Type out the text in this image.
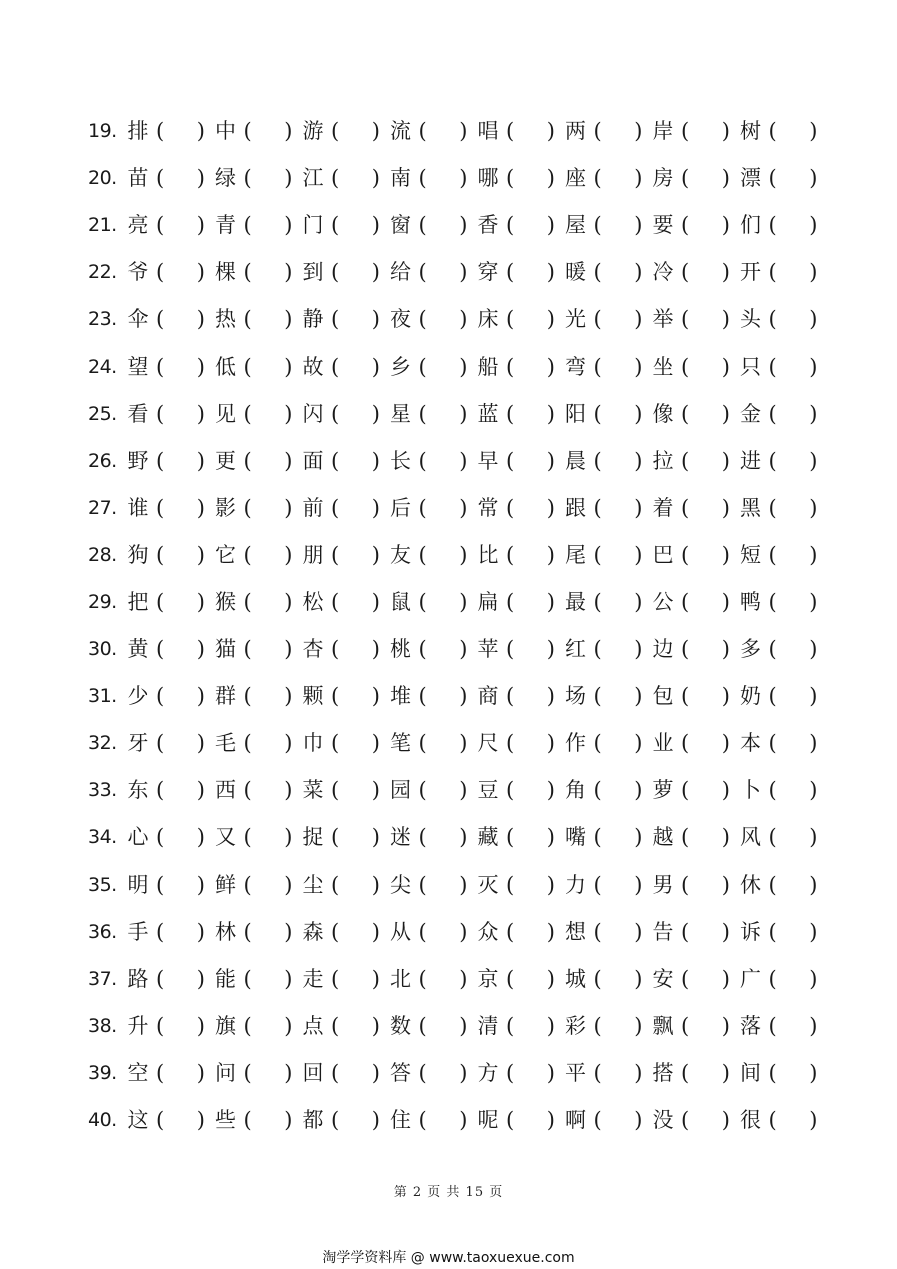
19. 排 ( ) 中 ( ) 游 ( ) 流 ( ) 唱 ( ) 两 ( ) 岸 ( ) 树 ( )
20. 苗 ( ) 绿 ( ) 江 ( ) 南 ( ) 哪 ( ) 座 ( ) 房 ( ) 漂 ( )
21. 亮 ( ) 青 ( ) 门 ( ) 窗 ( ) 香 ( ) 屋 ( ) 要 ( ) 们 ( )
22. 爷 ( ) 棵 ( ) 到 ( ) 给 ( ) 穿 ( ) 暖 ( ) 冷 ( ) 开 ( )
23. 伞 ( ) 热 ( ) 静 ( ) 夜 ( ) 床 ( ) 光 ( ) 举 ( ) 头 ( )
24. 望 ( ) 低 ( ) 故 ( ) 乡 ( ) 船 ( ) 弯 ( ) 坐 ( ) 只 ( )
25. 看 ( ) 见 ( ) 闪 ( ) 星 ( ) 蓝 ( ) 阳 ( ) 像 ( ) 金 ( )
26. 野 ( ) 更 ( ) 面 ( ) 长 ( ) 早 ( ) 晨 ( ) 拉 ( ) 进 ( )
27. 谁 ( ) 影 ( ) 前 ( ) 后 ( ) 常 ( ) 跟 ( ) 着 ( ) 黑 ( )
28. 狗 ( ) 它 ( ) 朋 ( ) 友 ( ) 比 ( ) 尾 ( ) 巴 ( ) 短 ( )
29. 把 ( ) 猴 ( ) 松 ( ) 鼠 ( ) 扁 ( ) 最 ( ) 公 ( ) 鸭 ( )
30. 黄 ( ) 猫 ( ) 杏 ( ) 桃 ( ) 苹 ( ) 红 ( ) 边 ( ) 多 ( )
31. 少 ( ) 群 ( ) 颗 ( ) 堆 ( ) 商 ( ) 场 ( ) 包 ( ) 奶 ( )
32. 牙 ( ) 毛 ( ) 巾 ( ) 笔 ( ) 尺 ( ) 作 ( ) 业 ( ) 本 ( )
33. 东 ( ) 西 ( ) 菜 ( ) 园 ( ) 豆 ( ) 角 ( ) 萝 ( ) 卜 ( )
34. 心 ( ) 又 ( ) 捉 ( ) 迷 ( ) 藏 ( ) 嘴 ( ) 越 ( ) 风 ( )
35. 明 ( ) 鲜 ( ) 尘 ( ) 尖 ( ) 灭 ( ) 力 ( ) 男 ( ) 休 ( )
36. 手 ( ) 林 ( ) 森 ( ) 从 ( ) 众 ( ) 想 ( ) 告 ( ) 诉 ( )
37. 路 ( ) 能 ( ) 走 ( ) 北 ( ) 京 ( ) 城 ( ) 安 ( ) 广 ( )
38. 升 ( ) 旗 ( ) 点 ( ) 数 ( ) 清 ( ) 彩 ( ) 飘 ( ) 落 ( )
39. 空 ( ) 问 ( ) 回 ( ) 答 ( ) 方 ( ) 平 ( ) 搭 ( ) 间 ( )
40. 这 ( ) 些 ( ) 都 ( ) 住 ( ) 呢 ( ) 啊 ( ) 没 ( ) 很 ( )
第 2 页 共 15 页
淘学学资料库 @ www.taoxuexue.com
